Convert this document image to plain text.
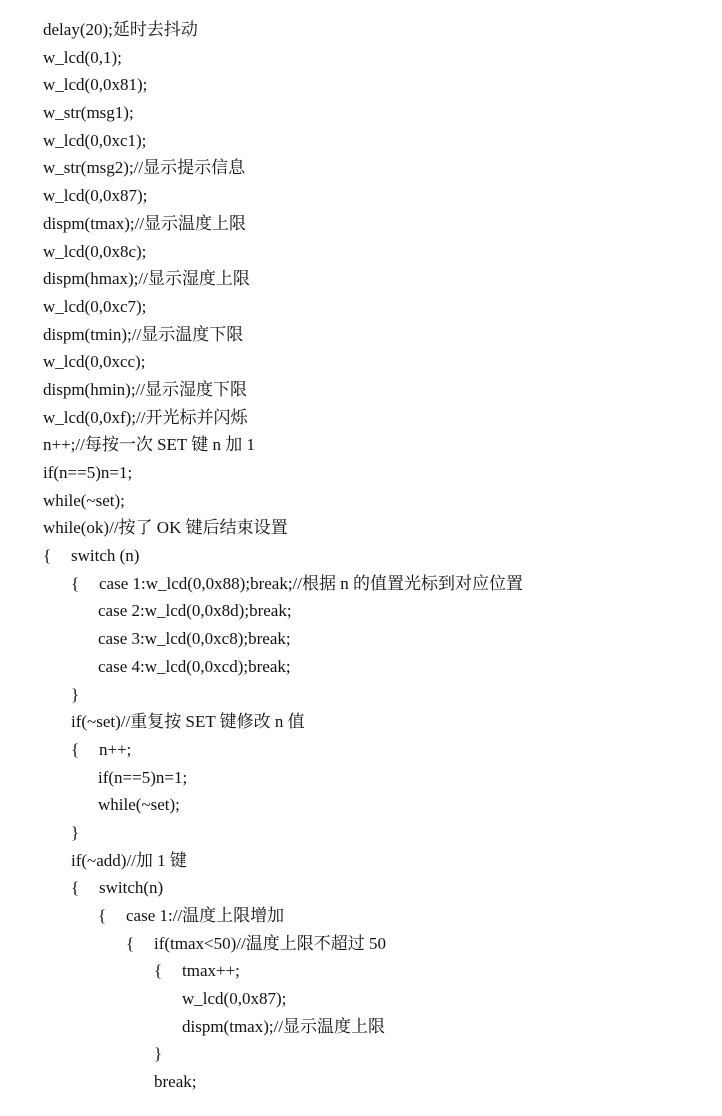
delay(20);延时去抖动
w_lcd(0,1);
w_lcd(0,0x81);
w_str(msg1);
w_lcd(0,0xc1);
w_str(msg2);//显示提示信息
w_lcd(0,0x87);
dispm(tmax);//显示温度上限
w_lcd(0,0x8c);
dispm(hmax);//显示湿度上限
w_lcd(0,0xc7);
dispm(tmin);//显示温度下限
w_lcd(0,0xcc);
dispm(hmin);//显示湿度下限
w_lcd(0,0xf);//开光标并闪烁
n++;//每按一次 SET 键 n 加 1
if(n==5)n=1;
while(~set);
while(ok)//按了 OK 键后结束设置
{ switch (n)
{ case 1:w_lcd(0,0x88);break;//根据 n 的值置光标到对应位置
case 2:w_lcd(0,0x8d);break;
case 3:w_lcd(0,0xc8);break;
case 4:w_lcd(0,0xcd);break;
}
if(~set)//重复按 SET 键修改 n 值
{ n++;
if(n==5)n=1;
while(~set);
}
if(~add)//加 1 键
{ switch(n)
{ case 1://温度上限增加
{ if(tmax<50)//温度上限不超过 50
{ tmax++;
w_lcd(0,0x87);
dispm(tmax);//显示温度上限
}
break;
